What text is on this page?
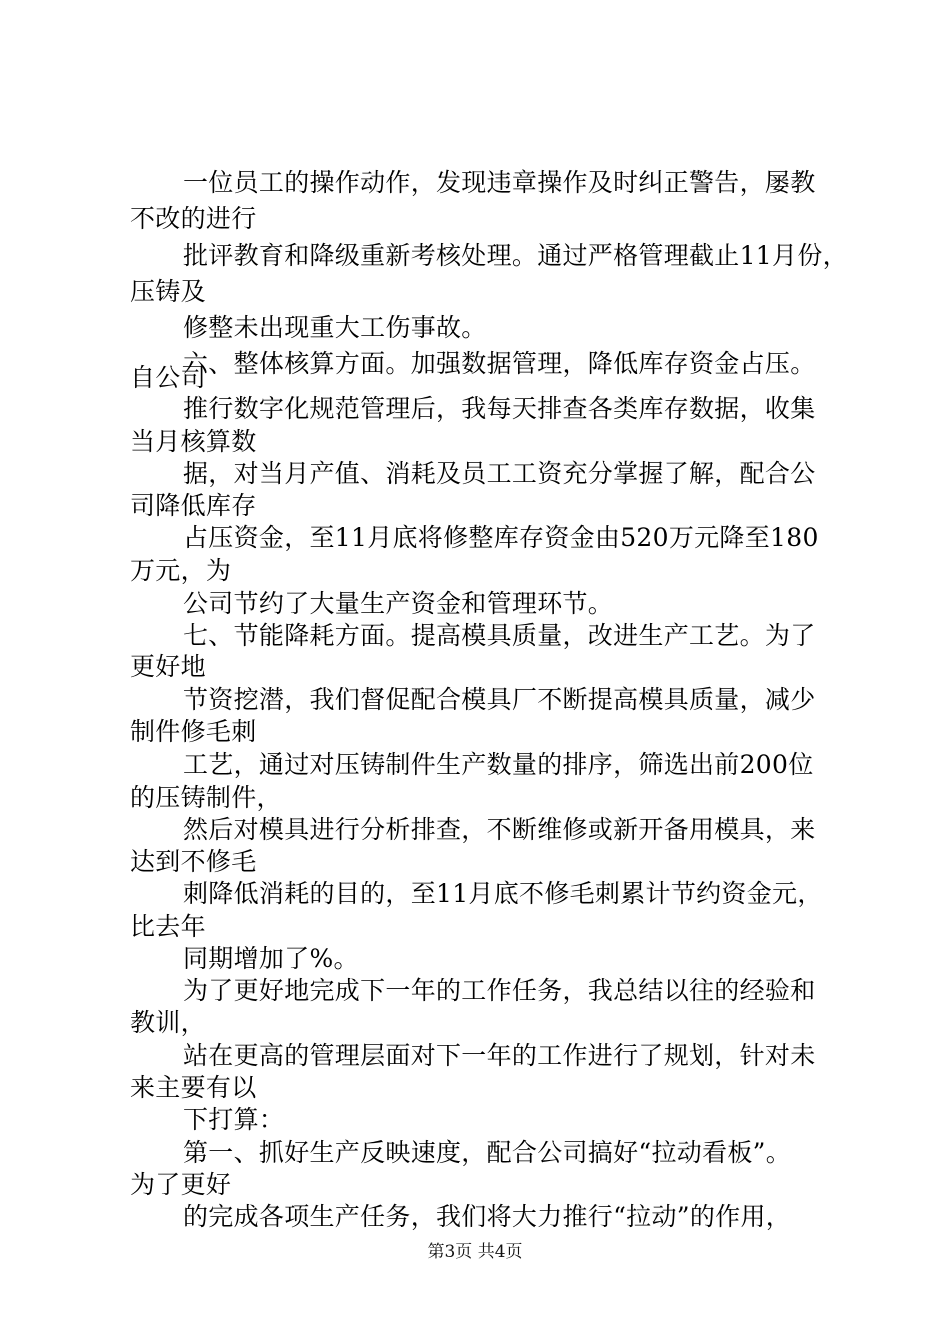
一位员工的操作动作，发现违章操作及时纠正警告，屡教
不改的进行
批评教育和降级重新考核处理。通过严格管理截止11月份，
压铸及
修整未出现重大工伤事故。
六、整体核算方面。加强数据管理，降低库存资金占压。
自公司
推行数字化规范管理后，我每天排查各类库存数据，收集
当月核算数
据，对当月产值、消耗及员工工资充分掌握了解，配合公
司降低库存
占压资金，至11月底将修整库存资金由520万元降至180
万元，为
公司节约了大量生产资金和管理环节。
七、节能降耗方面。提高模具质量，改进生产工艺。为了
更好地
节资挖潜，我们督促配合模具厂不断提高模具质量，减少
制件修毛刺
工艺，通过对压铸制件生产数量的排序，筛选出前200位
的压铸制件，
然后对模具进行分析排查，不断维修或新开备用模具，来
达到不修毛
刺降低消耗的目的，至11月底不修毛刺累计节约资金元，
比去年
同期增加了%。
为了更好地完成下一年的工作任务，我总结以往的经验和
教训，
站在更高的管理层面对下一年的工作进行了规划，针对未
来主要有以
下打算：
第一、抓好生产反映速度，配合公司搞好“拉动看板”。
为了更好
的完成各项生产任务，我们将大力推行“拉动”的作用，
第3页 共4页
